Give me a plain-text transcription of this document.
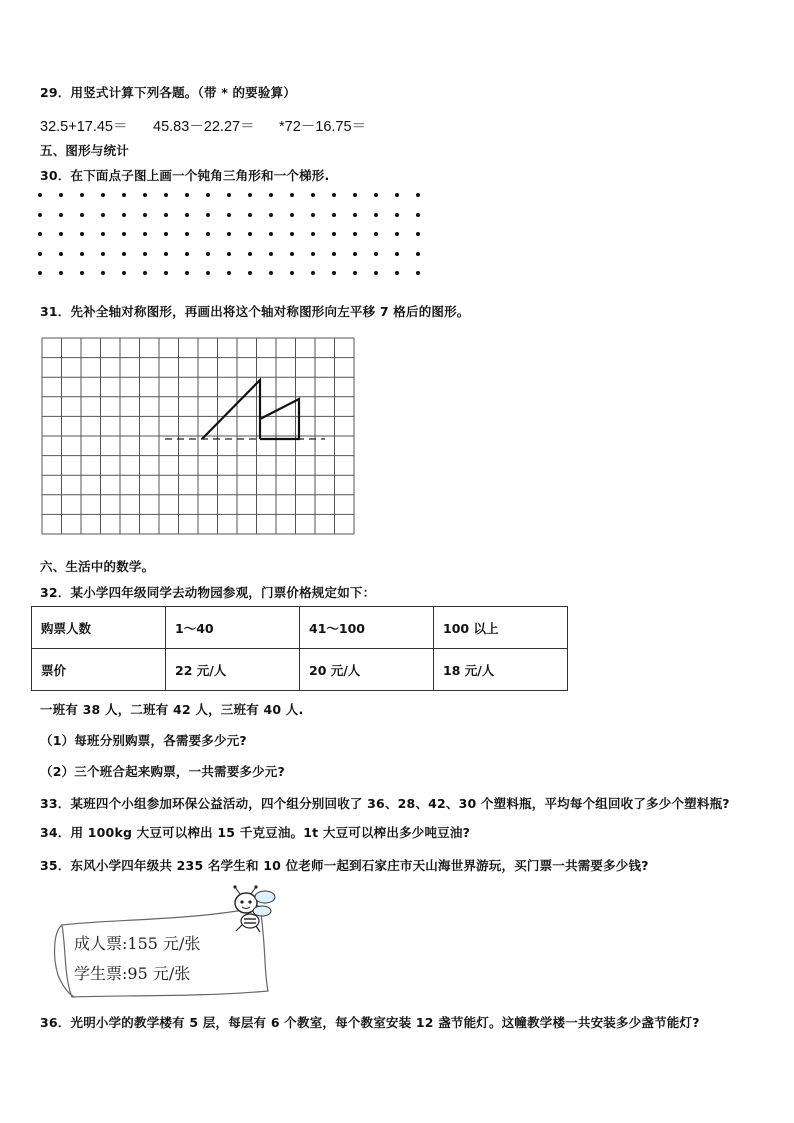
29．用竖式计算下列各题。（带 * 的要验算）
32.5+17.45＝ 45.83－22.27＝ *72－16.75＝
五、图形与统计
30．在下面点子图上画一个钝角三角形和一个梯形.
31．先补全轴对称图形，再画出将这个轴对称图形向左平移 7 格后的图形。
六、生活中的数学。
32．某小学四年级同学去动物园参观，门票价格规定如下：
购票人数	1～40	41～100	100 以上
票价	22 元/人	20 元/人	18 元/人
一班有 38 人，二班有 42 人，三班有 40 人.
（1）每班分别购票，各需要多少元?
（2）三个班合起来购票，一共需要多少元?
33．某班四个小组参加环保公益活动，四个组分别回收了 36、28、42、30 个塑料瓶，平均每个组回收了多少个塑料瓶?
34．用 100kg 大豆可以榨出 15 千克豆油。1t 大豆可以榨出多少吨豆油?
35．东风小学四年级共 235 名学生和 10 位老师一起到石家庄市天山海世界游玩，买门票一共需要多少钱?
成人票:155 元/张
学生票:95 元/张
36．光明小学的教学楼有 5 层，每层有 6 个教室，每个教室安装 12 盏节能灯。这幢教学楼一共安装多少盏节能灯?
